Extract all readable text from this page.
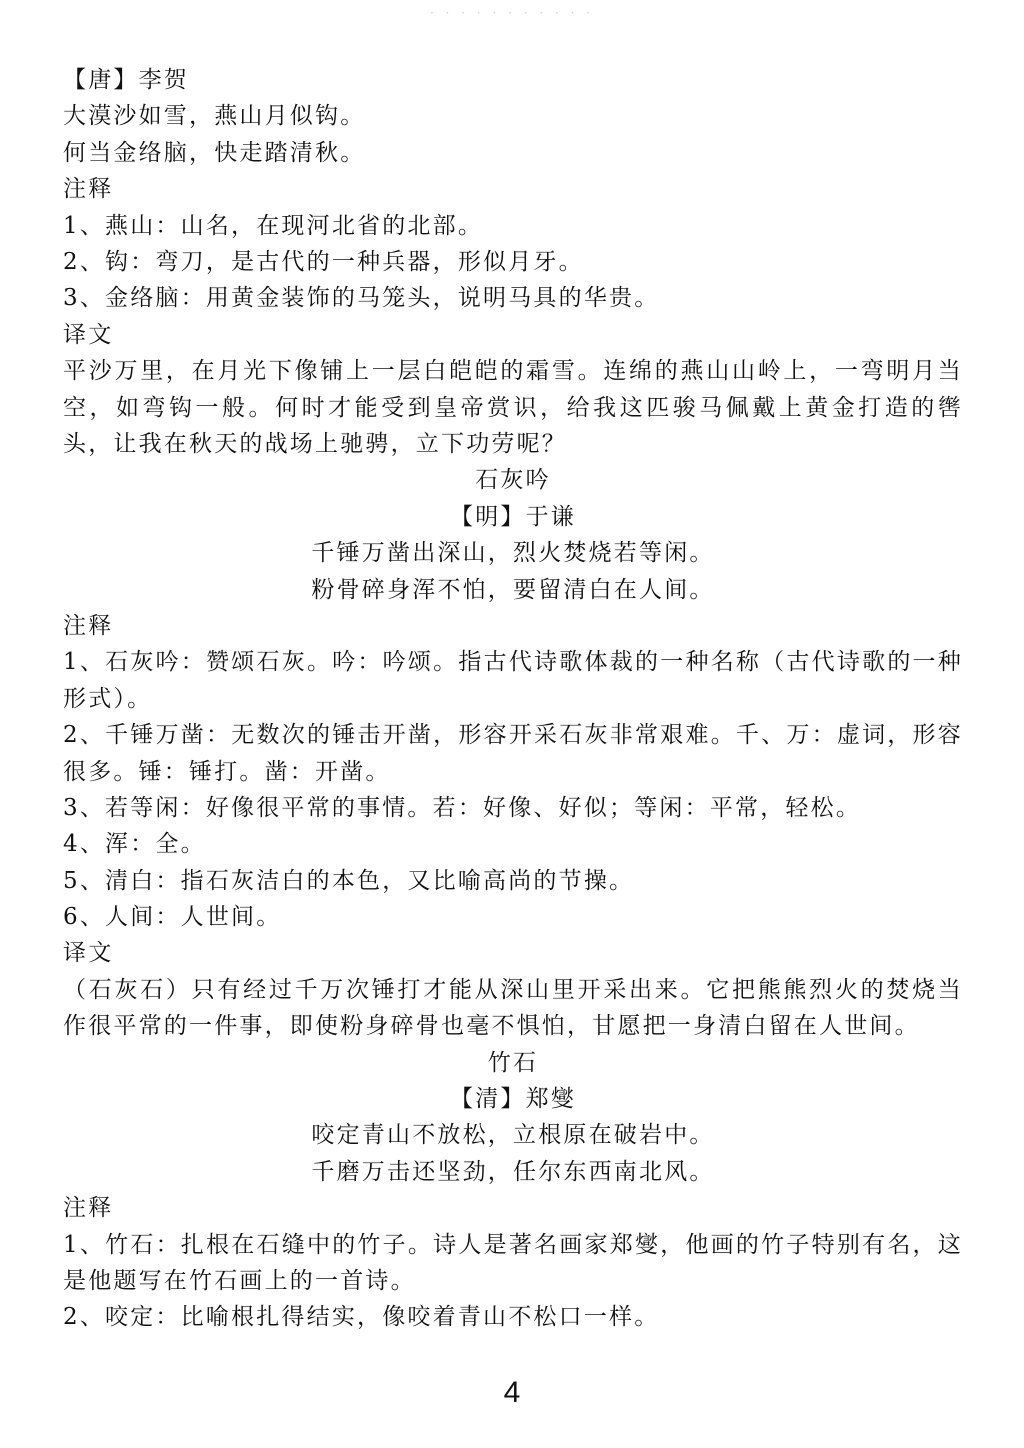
· · · · · · · · · · ·
【唐】李贺
大漠沙如雪，燕山月似钩。
何当金络脑，快走踏清秋。
注释
1、燕山：山名，在现河北省的北部。
2、钩：弯刀，是古代的一种兵器，形似月牙。
3、金络脑：用黄金装饰的马笼头，说明马具的华贵。
译文
平沙万里，在月光下像铺上一层白皑皑的霜雪。连绵的燕山山岭上，一弯明月当空，如弯钩一般。何时才能受到皇帝赏识，给我这匹骏马佩戴上黄金打造的辔头，让我在秋天的战场上驰骋，立下功劳呢？
石灰吟
【明】于谦
千锤万凿出深山，烈火焚烧若等闲。
粉骨碎身浑不怕，要留清白在人间。
注释
1、石灰吟：赞颂石灰。吟：吟颂。指古代诗歌体裁的一种名称（古代诗歌的一种形式）。
2、千锤万凿：无数次的锤击开凿，形容开采石灰非常艰难。千、万：虚词，形容很多。锤：锤打。凿：开凿。
3、若等闲：好像很平常的事情。若：好像、好似；等闲：平常，轻松。
4、浑：全。
5、清白：指石灰洁白的本色，又比喻高尚的节操。
6、人间：人世间。
译文
（石灰石）只有经过千万次锤打才能从深山里开采出来。它把熊熊烈火的焚烧当作很平常的一件事，即使粉身碎骨也毫不惧怕，甘愿把一身清白留在人世间。
竹石
【清】郑燮
咬定青山不放松，立根原在破岩中。
千磨万击还坚劲，任尔东西南北风。
注释
1、竹石：扎根在石缝中的竹子。诗人是著名画家郑燮，他画的竹子特别有名，这是他题写在竹石画上的一首诗。
2、咬定：比喻根扎得结实，像咬着青山不松口一样。
4
